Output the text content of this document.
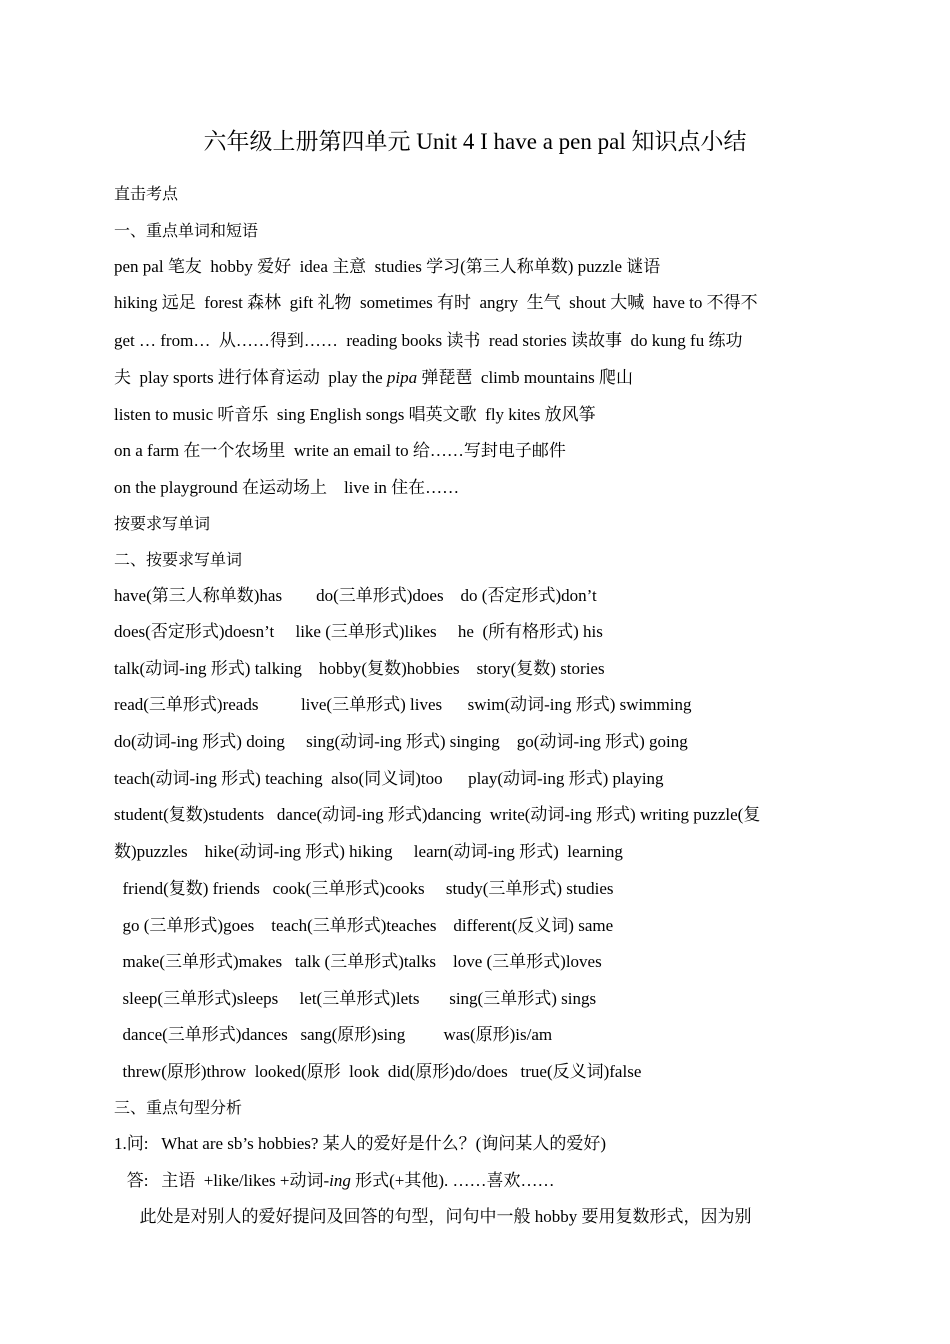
六年级上册第四单元 Unit 4 I have a pen pal 知识点小结
直击考点
一、重点单词和短语
pen pal 笔友  hobby 爱好  idea 主意  studies 学习(第三人称单数) puzzle 谜语
hiking 远足  forest 森林  gift 礼物  sometimes 有时  angry  生气  shout 大喊  have to 不得不
get … from…  从……得到……  reading books 读书  read stories 读故事  do kung fu 练功
夫  play sports 进行体育运动  play the pipa 弹琵琶  climb mountains 爬山
listen to music 听音乐  sing English songs 唱英文歌  fly kites 放风筝
on a farm 在一个农场里  write an email to 给……写封电子邮件
on the playground 在运动场上    live in 住在……
按要求写单词
二、按要求写单词
have(第三人称单数)has        do(三单形式)does    do (否定形式)don’t
does(否定形式)doesn’t     like (三单形式)likes     he  (所有格形式) his
talk(动词-ing 形式) talking    hobby(复数)hobbies    story(复数) stories
read(三单形式)reads          live(三单形式) lives      swim(动词-ing 形式) swimming
do(动词-ing 形式) doing     sing(动词-ing 形式) singing    go(动词-ing 形式) going
teach(动词-ing 形式) teaching  also(同义词)too      play(动词-ing 形式) playing
student(复数)students   dance(动词-ing 形式)dancing  write(动词-ing 形式) writing puzzle(复
数)puzzles    hike(动词-ing 形式) hiking     learn(动词-ing 形式)  learning
friend(复数) friends   cook(三单形式)cooks     study(三单形式) studies
go (三单形式)goes    teach(三单形式)teaches    different(反义词) same
make(三单形式)makes   talk (三单形式)talks    love (三单形式)loves
sleep(三单形式)sleeps     let(三单形式)lets       sing(三单形式) sings
dance(三单形式)dances   sang(原形)sing         was(原形)is/am
threw(原形)throw  looked(原形  look  did(原形)do/does   true(反义词)false
三、重点句型分析
1.问:   What are sb’s hobbies? 某人的爱好是什么？(询问某人的爱好)
答:   主语  +like/likes +动词-ing 形式(+其他). ……喜欢……
此处是对别人的爱好提问及回答的句型，问句中一般 hobby 要用复数形式，因为别
